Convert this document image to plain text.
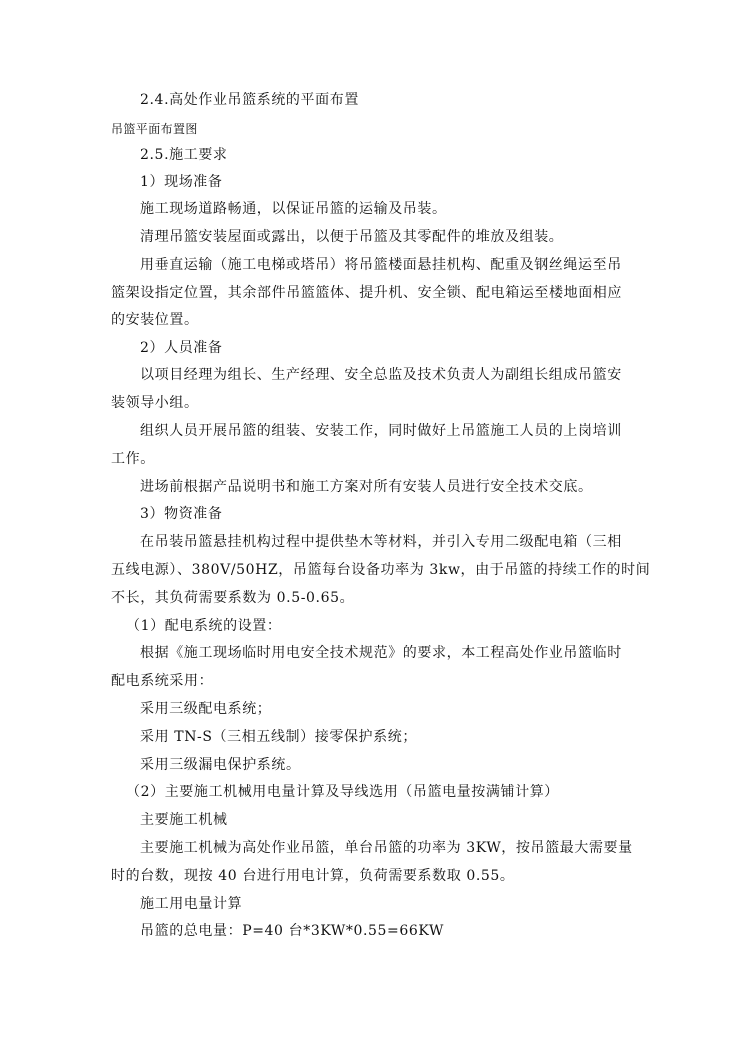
2.4.高处作业吊篮系统的平面布置
吊篮平面布置图
2.5.施工要求
1）现场准备
施工现场道路畅通，以保证吊篮的运输及吊装。
清理吊篮安装屋面或露出，以便于吊篮及其零配件的堆放及组装。
用垂直运输（施工电梯或塔吊）将吊篮楼面悬挂机构、配重及钢丝绳运至吊
篮架设指定位置，其余部件吊篮篮体、提升机、安全锁、配电箱运至楼地面相应
的安装位置。
2）人员准备
以项目经理为组长、生产经理、安全总监及技术负责人为副组长组成吊篮安
装领导小组。
组织人员开展吊篮的组装、安装工作，同时做好上吊篮施工人员的上岗培训
工作。
进场前根据产品说明书和施工方案对所有安装人员进行安全技术交底。
3）物资准备
在吊装吊篮悬挂机构过程中提供垫木等材料，并引入专用二级配电箱（三相
五线电源）、380V/50HZ，吊篮每台设备功率为 3kw，由于吊篮的持续工作的时间
不长，其负荷需要系数为 0.5-0.65。
（1）配电系统的设置：
根据《施工现场临时用电安全技术规范》的要求，本工程高处作业吊篮临时
配电系统采用：
采用三级配电系统；
采用 TN-S（三相五线制）接零保护系统；
采用三级漏电保护系统。
（2）主要施工机械用电量计算及导线选用（吊篮电量按满铺计算）
主要施工机械
主要施工机械为高处作业吊篮，单台吊篮的功率为 3KW，按吊篮最大需要量
时的台数，现按 40 台进行用电计算，负荷需要系数取 0.55。
施工用电量计算
吊篮的总电量：P=40 台*3KW*0.55=66KW
